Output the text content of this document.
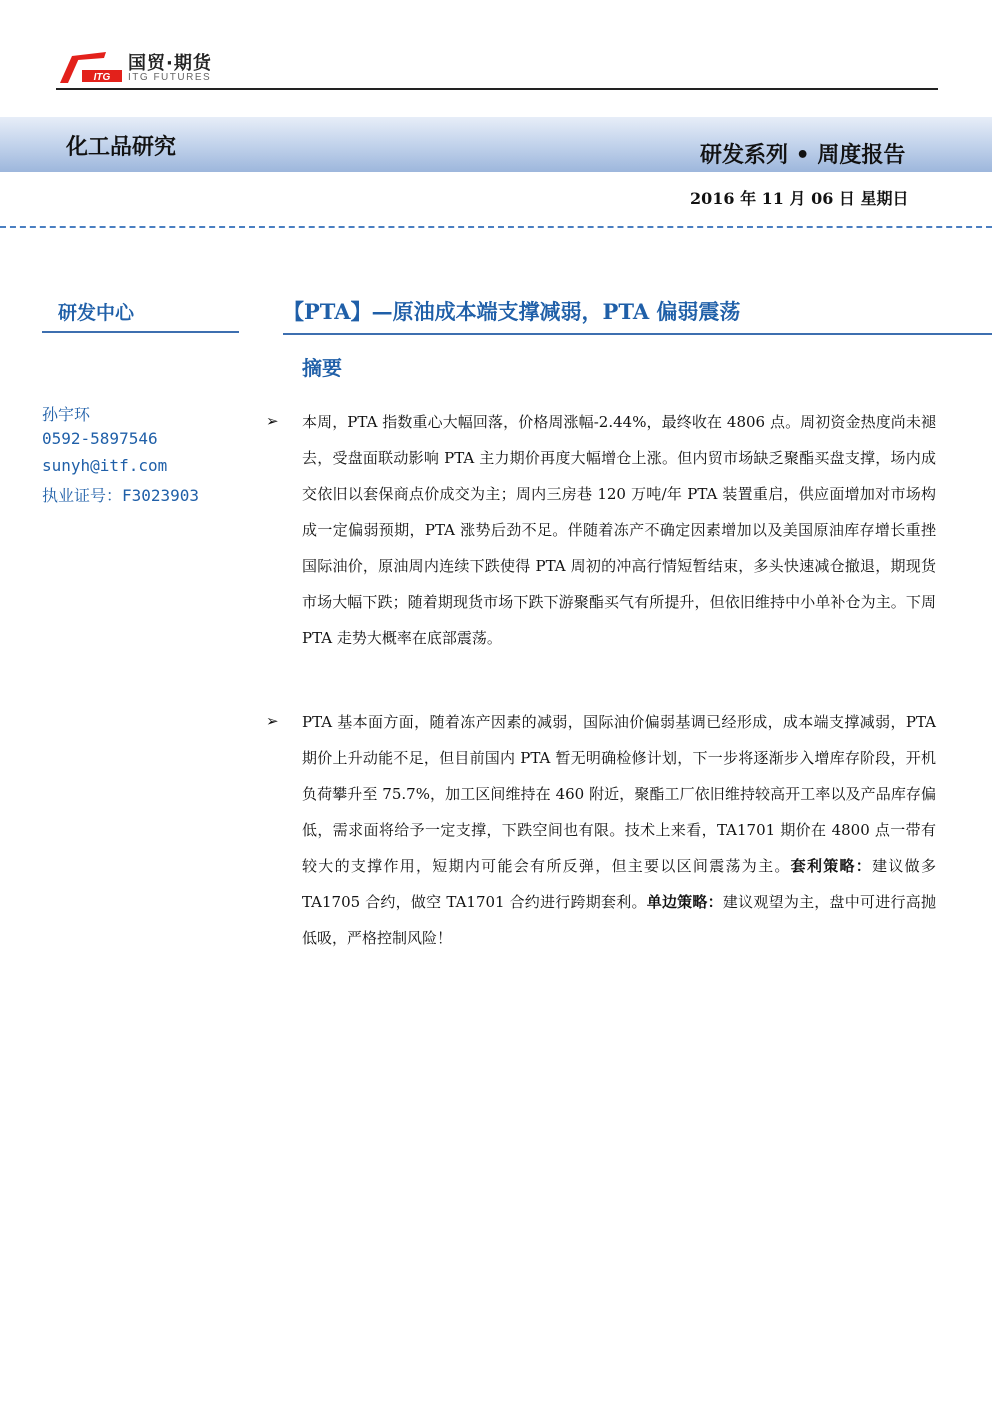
ITG
国贸·期货
ITG FUTURES
化工品研究	研发系列 • 周度报告
2016 年 11 月 06 日 星期日
研发中心
孙宇环
0592-5897546
sunyh@itf.com
执业证号：F3023903
【PTA】—原油成本端支撑减弱，PTA 偏弱震荡
摘要
➢ 本周，PTA 指数重心大幅回落，价格周涨幅-2.44%，最终收在 4806 点。周初资金热度尚未褪去，受盘面联动影响 PTA 主力期价再度大幅增仓上涨。但内贸市场缺乏聚酯买盘支撑，场内成交依旧以套保商点价成交为主；周内三房巷 120 万吨/年 PTA 装置重启，供应面增加对市场构成一定偏弱预期，PTA 涨势后劲不足。伴随着冻产不确定因素增加以及美国原油库存增长重挫国际油价，原油周内连续下跌使得 PTA 周初的冲高行情短暂结束，多头快速减仓撤退，期现货市场大幅下跌；随着期现货市场下跌下游聚酯买气有所提升，但依旧维持中小单补仓为主。下周 PTA 走势大概率在底部震荡。

➢ PTA 基本面方面，随着冻产因素的减弱，国际油价偏弱基调已经形成，成本端支撑减弱，PTA 期价上升动能不足，但目前国内 PTA 暂无明确检修计划，下一步将逐渐步入增库存阶段，开机负荷攀升至 75.7%，加工区间维持在 460 附近，聚酯工厂依旧维持较高开工率以及产品库存偏低，需求面将给予一定支撑，下跌空间也有限。技术上来看，TA1701 期价在 4800 点一带有较大的支撑作用，短期内可能会有所反弹，但主要以区间震荡为主。套利策略：建议做多 TA1705 合约，做空 TA1701 合约进行跨期套利。单边策略：建议观望为主，盘中可进行高抛低吸，严格控制风险！
